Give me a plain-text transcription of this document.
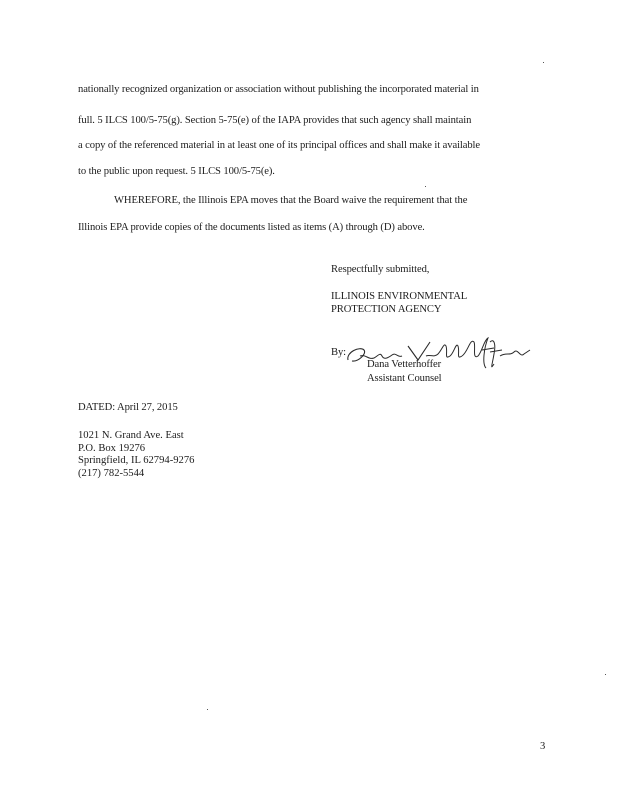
nationally recognized organization or association without publishing the incorporated material in
full. 5 ILCS 100/5-75(g). Section 5-75(e) of the IAPA provides that such agency shall maintain
a copy of the referenced material in at least one of its principal offices and shall make it available
to the public upon request. 5 ILCS 100/5-75(e).
WHEREFORE, the Illinois EPA moves that the Board waive the requirement that the
Illinois EPA provide copies of the documents listed as items (A) through (D) above.
Respectfully submitted,
ILLINOIS ENVIRONMENTAL
PROTECTION AGENCY
By:
Dana Vetterhoffer
Assistant Counsel
DATED: April 27, 2015
1021 N. Grand Ave. East
P.O. Box 19276
Springfield, IL 62794-9276
(217) 782-5544
3
